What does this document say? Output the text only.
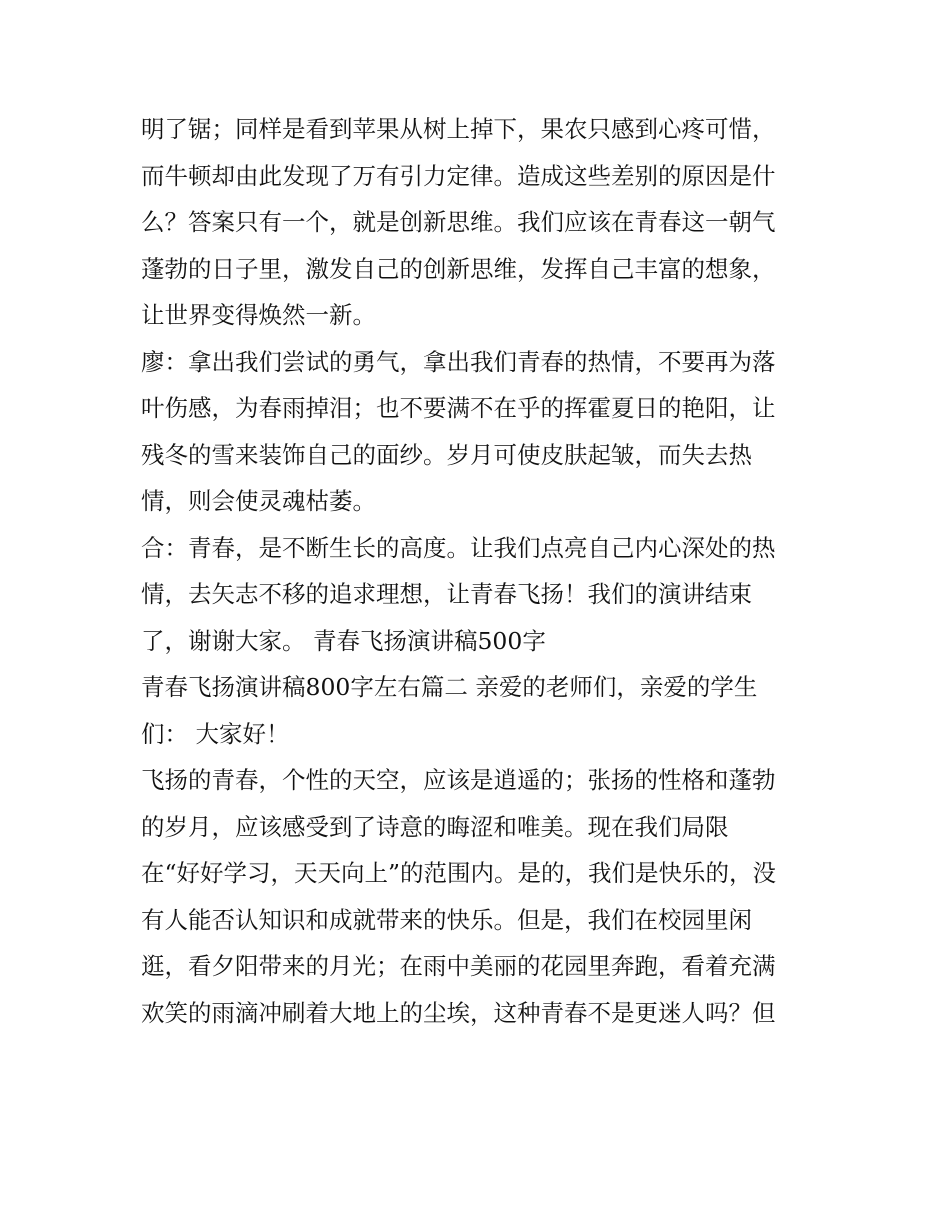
明了锯；同样是看到苹果从树上掉下，果农只感到心疼可惜，
而牛顿却由此发现了万有引力定律。造成这些差别的原因是什
么？答案只有一个，就是创新思维。我们应该在青春这一朝气
蓬勃的日子里，激发自己的创新思维，发挥自己丰富的想象，
让世界变得焕然一新。
廖：拿出我们尝试的勇气，拿出我们青春的热情，不要再为落
叶伤感，为春雨掉泪；也不要满不在乎的挥霍夏日的艳阳，让
残冬的雪来装饰自己的面纱。岁月可使皮肤起皱，而失去热
情，则会使灵魂枯萎。
合：青春，是不断生长的高度。让我们点亮自己内心深处的热
情，去矢志不移的追求理想，让青春飞扬！我们的演讲结束
了，谢谢大家。 青春飞扬演讲稿500字
青春飞扬演讲稿800字左右篇二 亲爱的老师们，亲爱的学生
们： 大家好！
飞扬的青春，个性的天空，应该是逍遥的；张扬的性格和蓬勃
的岁月，应该感受到了诗意的晦涩和唯美。现在我们局限
在“好好学习，天天向上”的范围内。是的，我们是快乐的，没
有人能否认知识和成就带来的快乐。但是，我们在校园里闲
逛，看夕阳带来的月光；在雨中美丽的花园里奔跑，看着充满
欢笑的雨滴冲刷着大地上的尘埃，这种青春不是更迷人吗？但
